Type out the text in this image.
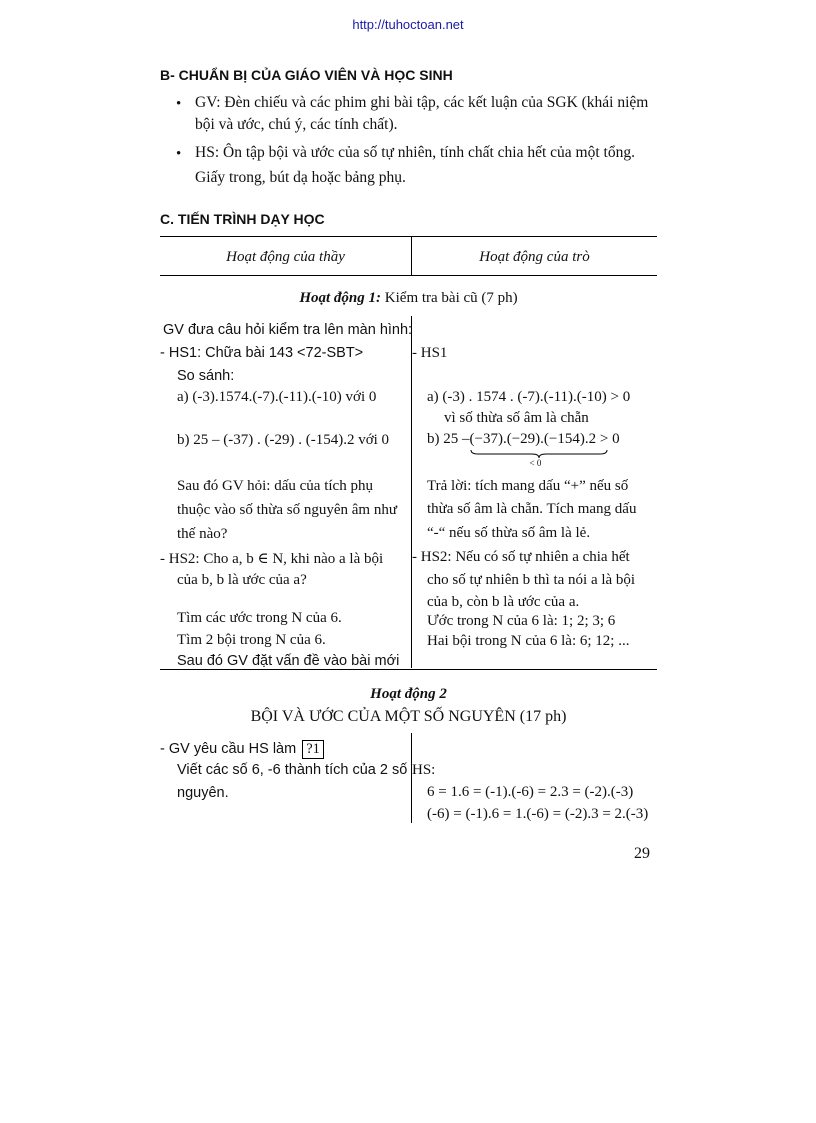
http://tuhoctoan.net
B- CHUẨN BỊ CỦA GIÁO VIÊN VÀ HỌC SINH
• GV: Đèn chiếu và các phim ghi bài tập, các kết luận của SGK (khái niệm
bội và ước, chú ý, các tính chất).
• HS: Ôn tập bội và ước của số tự nhiên, tính chất chia hết của một tổng.
Giấy trong, bút dạ hoặc bảng phụ.
C. TIẾN TRÌNH DẠY HỌC
Hoạt động của thầy	Hoạt động của trò
Hoạt động 1: Kiểm tra bài cũ (7 ph)
GV đưa câu hỏi kiểm tra lên màn hình:
- HS1: Chữa bài 143 <72-SBT>
So sánh:
a) (-3).1574.(-7).(-11).(-10) với 0
b) 25 – (-37) . (-29) . (-154).2 với 0
Sau đó GV hỏi: dấu của tích phụ
thuộc vào số thừa số nguyên âm như
thế nào?
- HS2: Cho a, b ∈ N, khi nào a là bội
của b, b là ước của a?
Tìm các ước trong N của 6.
Tìm 2 bội trong N của 6.
Sau đó GV đặt vấn đề vào bài mới
- HS1
a) (-3) . 1574 . (-7).(-11).(-10) > 0
vì số thừa số âm là chẵn
b) 25 –(−37).(−29).(−154).2
< 0
> 0
Trả lời: tích mang dấu “+” nếu số
thừa số âm là chẵn. Tích mang dấu
“-“ nếu số thừa số âm là lẻ.
- HS2: Nếu có số tự nhiên a chia hết
cho số tự nhiên b thì ta nói a là bội
của b, còn b là ước của a.
Ước trong N của 6 là: 1; 2; 3; 6
Hai bội trong N của 6 là: 6; 12; ...
Hoạt động 2
BỘI VÀ ƯỚC CỦA MỘT SỐ NGUYÊN (17 ph)
- GV yêu cầu HS làm ?1
Viết các số 6, -6 thành tích của 2 số
nguyên.
HS:
6 = 1.6 = (-1).(-6) = 2.3 = (-2).(-3)
(-6) = (-1).6 = 1.(-6) = (-2).3 = 2.(-3)
29
